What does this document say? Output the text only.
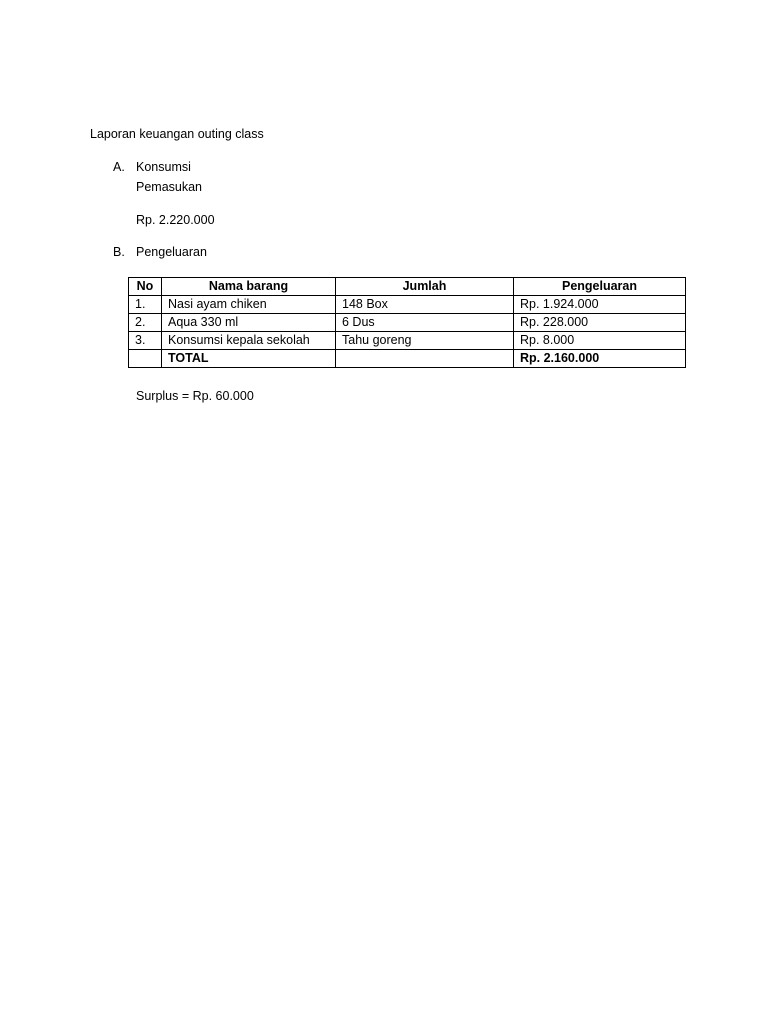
Laporan keuangan outing class
A. Konsumsi
Pemasukan
Rp. 2.220.000
B. Pengeluaran
No	Nama barang	Jumlah	Pengeluaran
1.	Nasi ayam chiken	148 Box	Rp. 1.924.000
2.	Aqua 330 ml	6 Dus	Rp. 228.000
3.	Konsumsi kepala sekolah	Tahu goreng	Rp. 8.000
	TOTAL		Rp. 2.160.000
Surplus = Rp. 60.000
